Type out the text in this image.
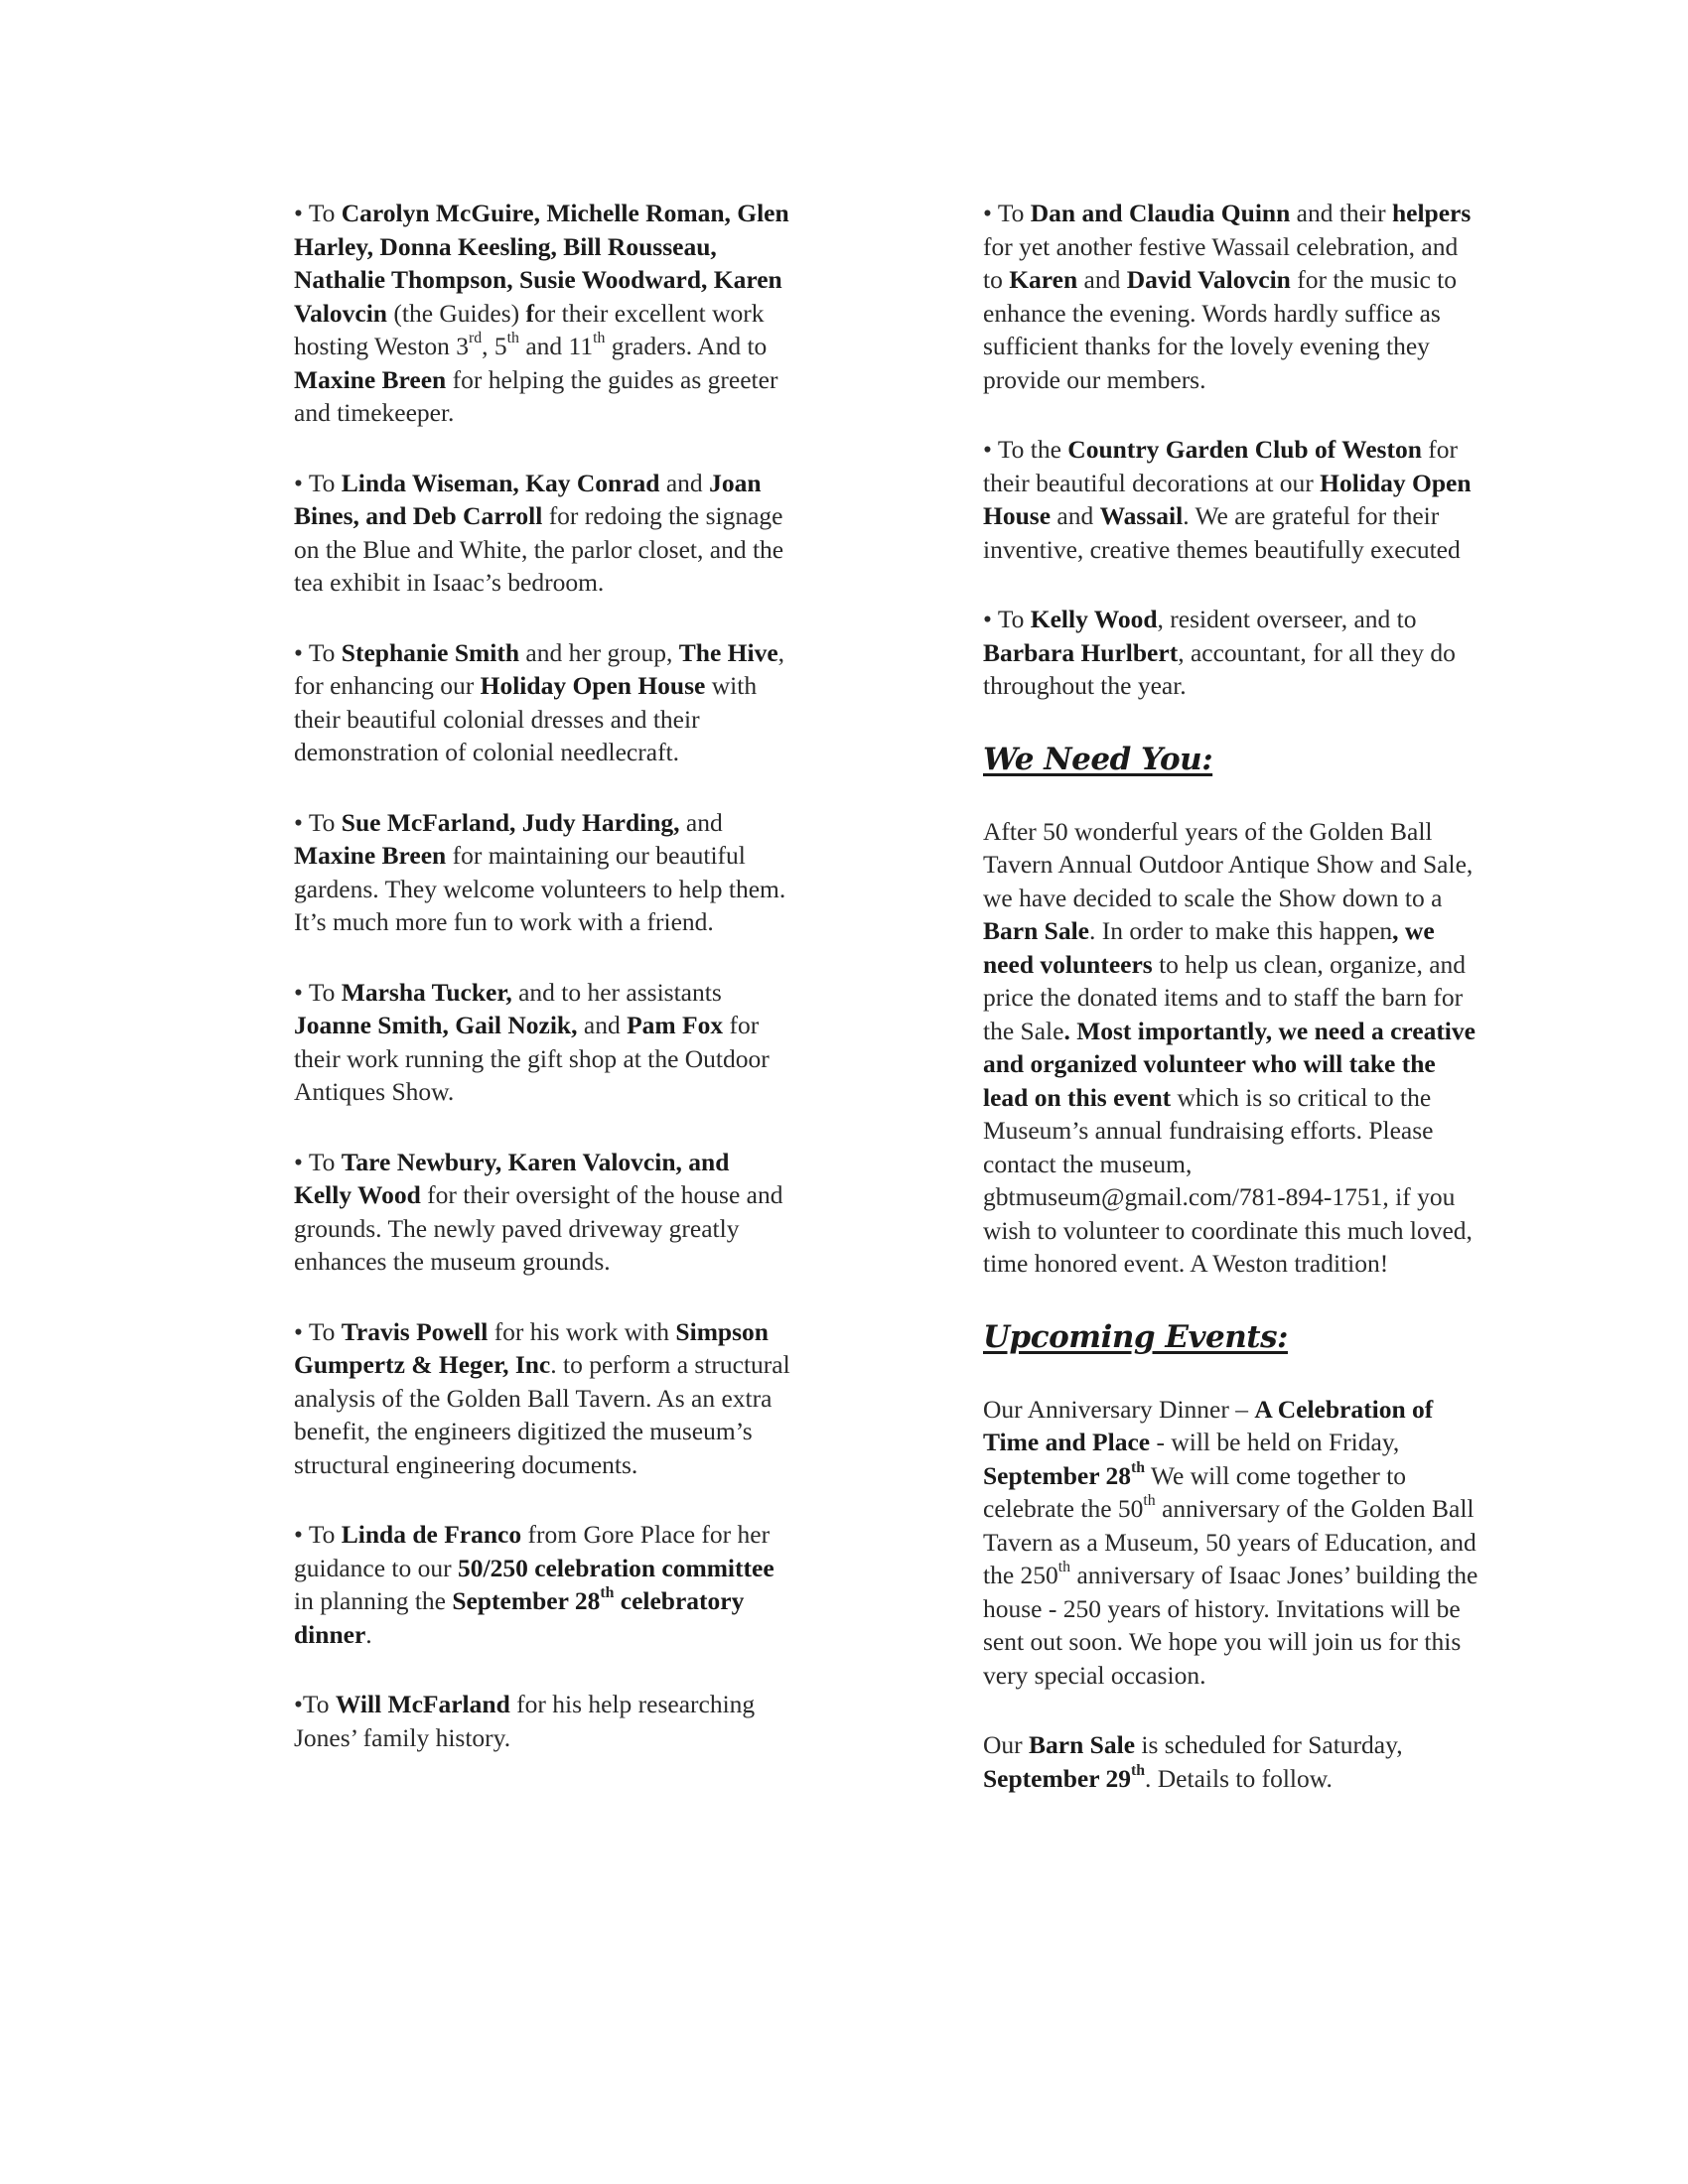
• To Carolyn McGuire, Michelle Roman, Glen Harley, Donna Keesling, Bill Rousseau, Nathalie Thompson, Susie Woodward, Karen Valovcin (the Guides) for their excellent work hosting Weston 3rd, 5th and 11th graders. And to Maxine Breen for helping the guides as greeter and timekeeper.

• To Linda Wiseman, Kay Conrad and Joan Bines, and Deb Carroll for redoing the signage on the Blue and White, the parlor closet, and the tea exhibit in Isaac’s bedroom.

• To Stephanie Smith and her group, The Hive, for enhancing our Holiday Open House with their beautiful colonial dresses and their demonstration of colonial needlecraft.

• To Sue McFarland, Judy Harding, and Maxine Breen for maintaining our beautiful gardens. They welcome volunteers to help them. It’s much more fun to work with a friend.

• To Marsha Tucker, and to her assistants Joanne Smith, Gail Nozik, and Pam Fox for their work running the gift shop at the Outdoor Antiques Show.

• To Tare Newbury, Karen Valovcin, and Kelly Wood for their oversight of the house and grounds. The newly paved driveway greatly enhances the museum grounds.

• To Travis Powell for his work with Simpson Gumpertz & Heger, Inc. to perform a structural analysis of the Golden Ball Tavern. As an extra benefit, the engineers digitized the museum’s structural engineering documents.

• To Linda de Franco from Gore Place for her guidance to our 50/250 celebration committee in planning the September 28th celebratory dinner.

•To Will McFarland for his help researching Jones’ family history.

• To Dan and Claudia Quinn and their helpers for yet another festive Wassail celebration, and to Karen and David Valovcin for the music to enhance the evening. Words hardly suffice as sufficient thanks for the lovely evening they provide our members.

• To the Country Garden Club of Weston for their beautiful decorations at our Holiday Open House and Wassail. We are grateful for their inventive, creative themes beautifully executed

• To Kelly Wood, resident overseer, and to Barbara Hurlbert, accountant, for all they do throughout the year.

We Need You:

After 50 wonderful years of the Golden Ball Tavern Annual Outdoor Antique Show and Sale, we have decided to scale the Show down to a Barn Sale. In order to make this happen, we need volunteers to help us clean, organize, and price the donated items and to staff the barn for the Sale. Most importantly, we need a creative and organized volunteer who will take the lead on this event which is so critical to the Museum’s annual fundraising efforts. Please contact the museum, gbtmuseum@gmail.com/781-894-1751, if you wish to volunteer to coordinate this much loved, time honored event. A Weston tradition!

Upcoming Events:

Our Anniversary Dinner – A Celebration of Time and Place - will be held on Friday, September 28th We will come together to celebrate the 50th anniversary of the Golden Ball Tavern as a Museum, 50 years of Education, and the 250th anniversary of Isaac Jones’ building the house - 250 years of history. Invitations will be sent out soon. We hope you will join us for this very special occasion.

Our Barn Sale is scheduled for Saturday, September 29th. Details to follow.
